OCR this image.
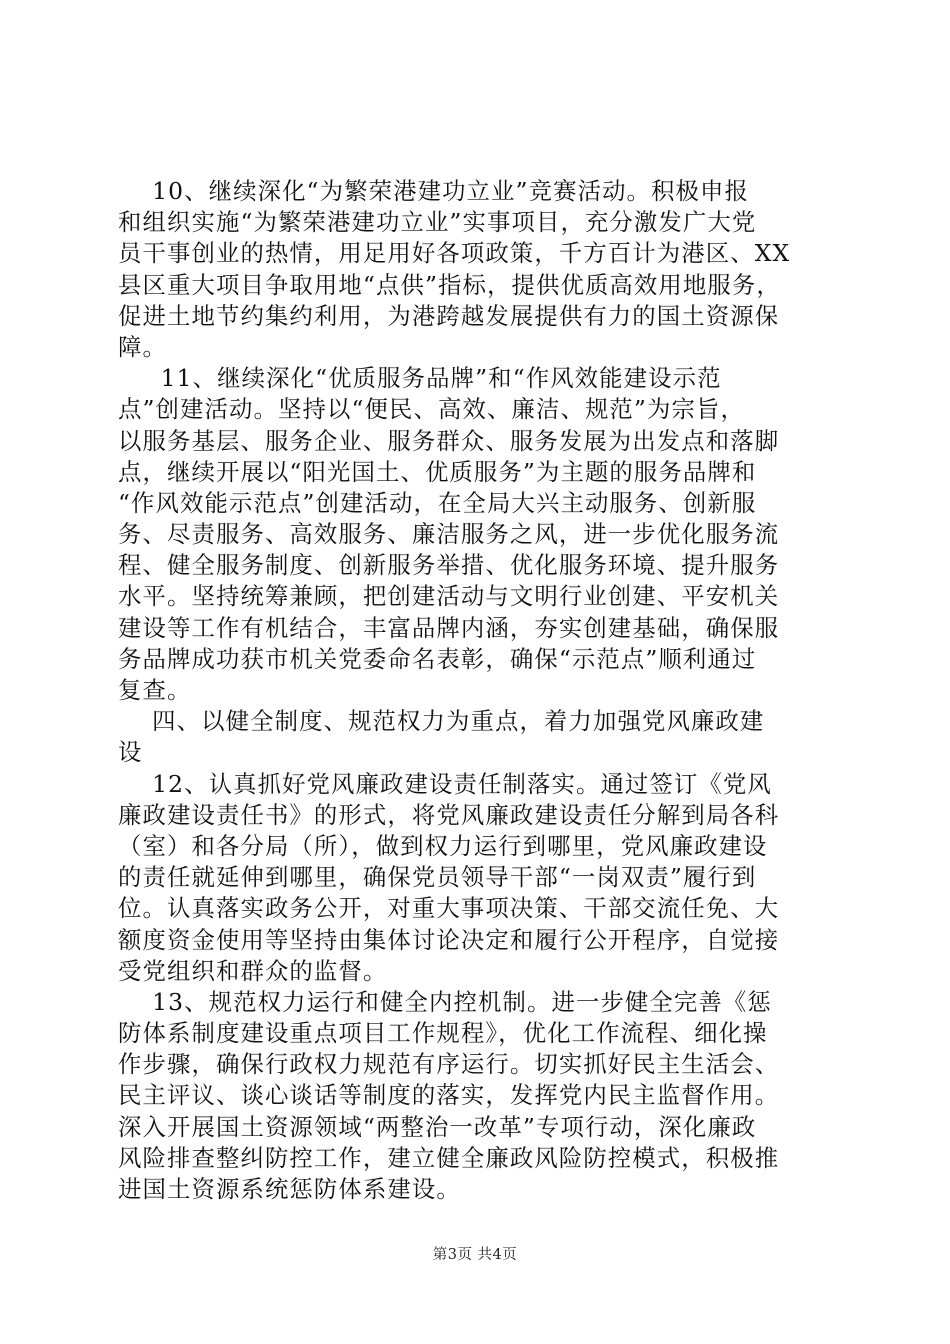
10、继续深化“为繁荣港建功立业”竞赛活动。积极申报
和组织实施“为繁荣港建功立业”实事项目，充分激发广大党
员干事创业的热情，用足用好各项政策，千方百计为港区、XX
县区重大项目争取用地“点供”指标，提供优质高效用地服务，
促进土地节约集约利用，为港跨越发展提供有力的国土资源保
障。
11、继续深化“优质服务品牌”和“作风效能建设示范
点”创建活动。坚持以“便民、高效、廉洁、规范”为宗旨，
以服务基层、服务企业、服务群众、服务发展为出发点和落脚
点，继续开展以“阳光国土、优质服务”为主题的服务品牌和
“作风效能示范点”创建活动，在全局大兴主动服务、创新服
务、尽责服务、高效服务、廉洁服务之风，进一步优化服务流
程、健全服务制度、创新服务举措、优化服务环境、提升服务
水平。坚持统筹兼顾，把创建活动与文明行业创建、平安机关
建设等工作有机结合，丰富品牌内涵，夯实创建基础，确保服
务品牌成功获市机关党委命名表彰，确保“示范点”顺利通过
复查。
四、以健全制度、规范权力为重点，着力加强党风廉政建
设
12、认真抓好党风廉政建设责任制落实。通过签订《党风
廉政建设责任书》的形式，将党风廉政建设责任分解到局各科
（室）和各分局（所），做到权力运行到哪里，党风廉政建设
的责任就延伸到哪里，确保党员领导干部“一岗双责”履行到
位。认真落实政务公开，对重大事项决策、干部交流任免、大
额度资金使用等坚持由集体讨论决定和履行公开程序，自觉接
受党组织和群众的监督。
13、规范权力运行和健全内控机制。进一步健全完善《惩
防体系制度建设重点项目工作规程》，优化工作流程、细化操
作步骤，确保行政权力规范有序运行。切实抓好民主生活会、
民主评议、谈心谈话等制度的落实，发挥党内民主监督作用。
深入开展国土资源领域“两整治一改革”专项行动，深化廉政
风险排查整纠防控工作，建立健全廉政风险防控模式，积极推
进国土资源系统惩防体系建设。
第3页 共4页
